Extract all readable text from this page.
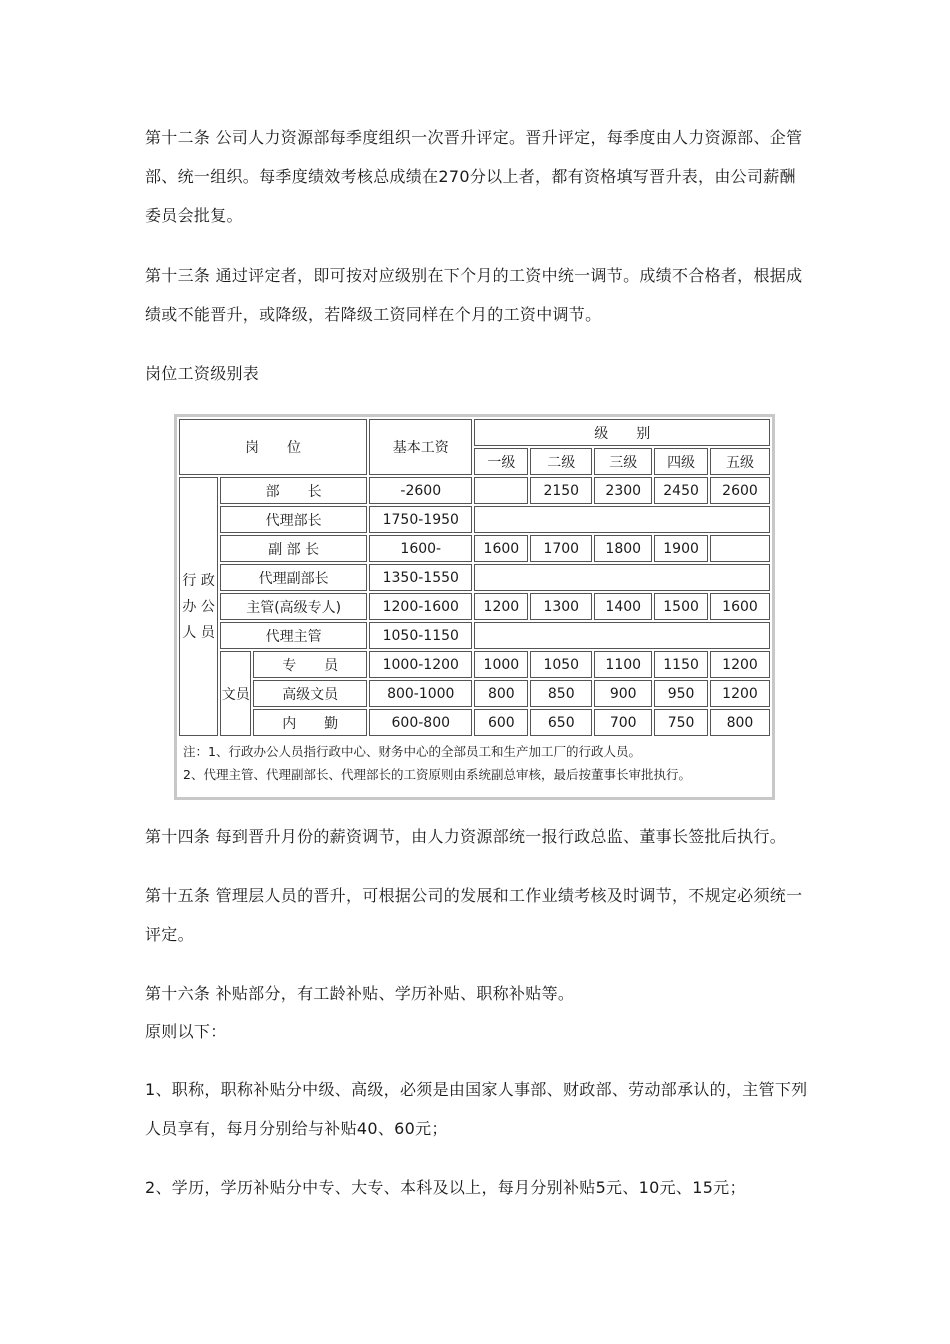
第十二条 公司人力资源部每季度组织一次晋升评定。晋升评定，每季度由人力资源部、企管部、统一组织。每季度绩效考核总成绩在270分以上者，都有资格填写晋升表，由公司薪酬委员会批复。

第十三条 通过评定者，即可按对应级别在下个月的工资中统一调节。成绩不合格者，根据成绩或不能晋升，或降级，若降级工资同样在个月的工资中调节。

岗位工资级别表

岗　　位			基本工资	级　　别				
				一级	二级	三级	四级	五级

行 政
办 公
人 员	部　　长		-2600		2150	2300	2450	2600
	代理部长		1750-1950					
	副 部 长		1600-	1600	1700	1800	1900	
	代理副部长		1350-1550					
	主管(高级专人)		1200-1600	1200	1300	1400	1500	1600
	代理主管		1050-1150					
	文员	专　　员	1000-1200	1000	1050	1100	1150	1200
		高级文员	800-1000	800	850	900	950	1200
		内　　勤	600-800	600	650	700	750	800
注：1、行政办公人员指行政中心、财务中心的全部员工和生产加工厂的行政人员。
2、代理主管、代理副部长、代理部长的工资原则由系统副总审核，最后按董事长审批执行。

第十四条 每到晋升月份的薪资调节，由人力资源部统一报行政总监、董事长签批后执行。

第十五条 管理层人员的晋升，可根据公司的发展和工作业绩考核及时调节，不规定必须统一评定。

第十六条 补贴部分，有工龄补贴、学历补贴、职称补贴等。

原则以下：

1、职称，职称补贴分中级、高级，必须是由国家人事部、财政部、劳动部承认的，主管下列人员享有，每月分别给与补贴40、60元；

2、学历，学历补贴分中专、大专、本科及以上，每月分别补贴5元、10元、15元；
